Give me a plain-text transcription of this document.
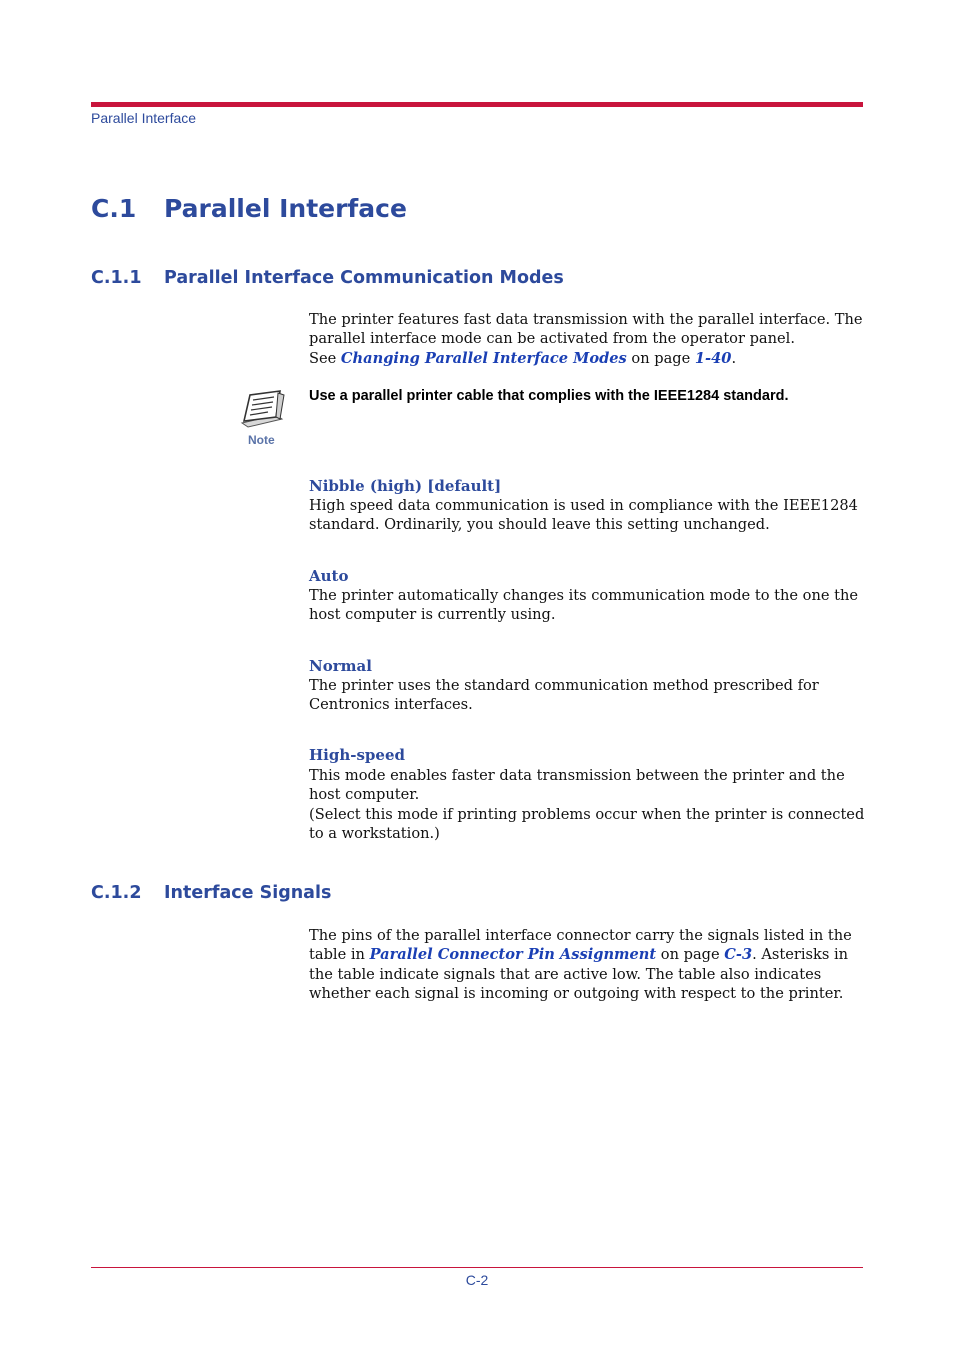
Parallel Interface
C.1 Parallel Interface
C.1.1 Parallel Interface Communication Modes
The printer features fast data transmission with the parallel interface. The
parallel interface mode can be activated from the operator panel.
See Changing Parallel Interface Modes on page 1-40.
Note
Use a parallel printer cable that complies with the IEEE1284 standard.
Nibble (high) [default]
High speed data communication is used in compliance with the IEEE1284
standard. Ordinarily, you should leave this setting unchanged.
Auto
The printer automatically changes its communication mode to the one the
host computer is currently using.
Normal
The printer uses the standard communication method prescribed for
Centronics interfaces.
High-speed
This mode enables faster data transmission between the printer and the
host computer.
(Select this mode if printing problems occur when the printer is connected
to a workstation.)
C.1.2 Interface Signals
The pins of the parallel interface connector carry the signals listed in the
table in Parallel Connector Pin Assignment on page C-3. Asterisks in
the table indicate signals that are active low. The table also indicates
whether each signal is incoming or outgoing with respect to the printer.
C-2
